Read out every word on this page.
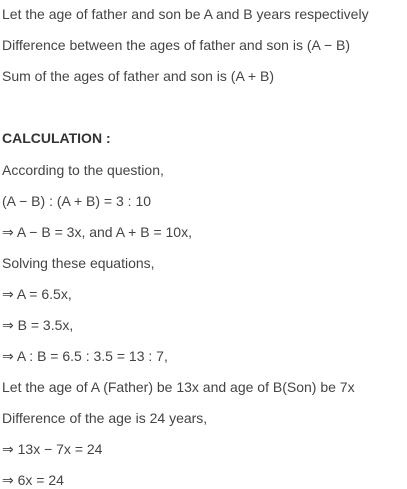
Let the age of father and son be A and B years respectively
Difference between the ages of father and son is (A − B)
Sum of the ages of father and son is (A + B)
CALCULATION :
According to the question,
(A − B) : (A + B) = 3 : 10
⇒ A − B = 3x, and A + B = 10x,
Solving these equations,
⇒ A = 6.5x,
⇒ B = 3.5x,
⇒ A : B = 6.5 : 3.5 = 13 : 7,
Let the age of A (Father) be 13x and age of B(Son) be 7x
Difference of the age is 24 years,
⇒ 13x − 7x = 24
⇒ 6x = 24
